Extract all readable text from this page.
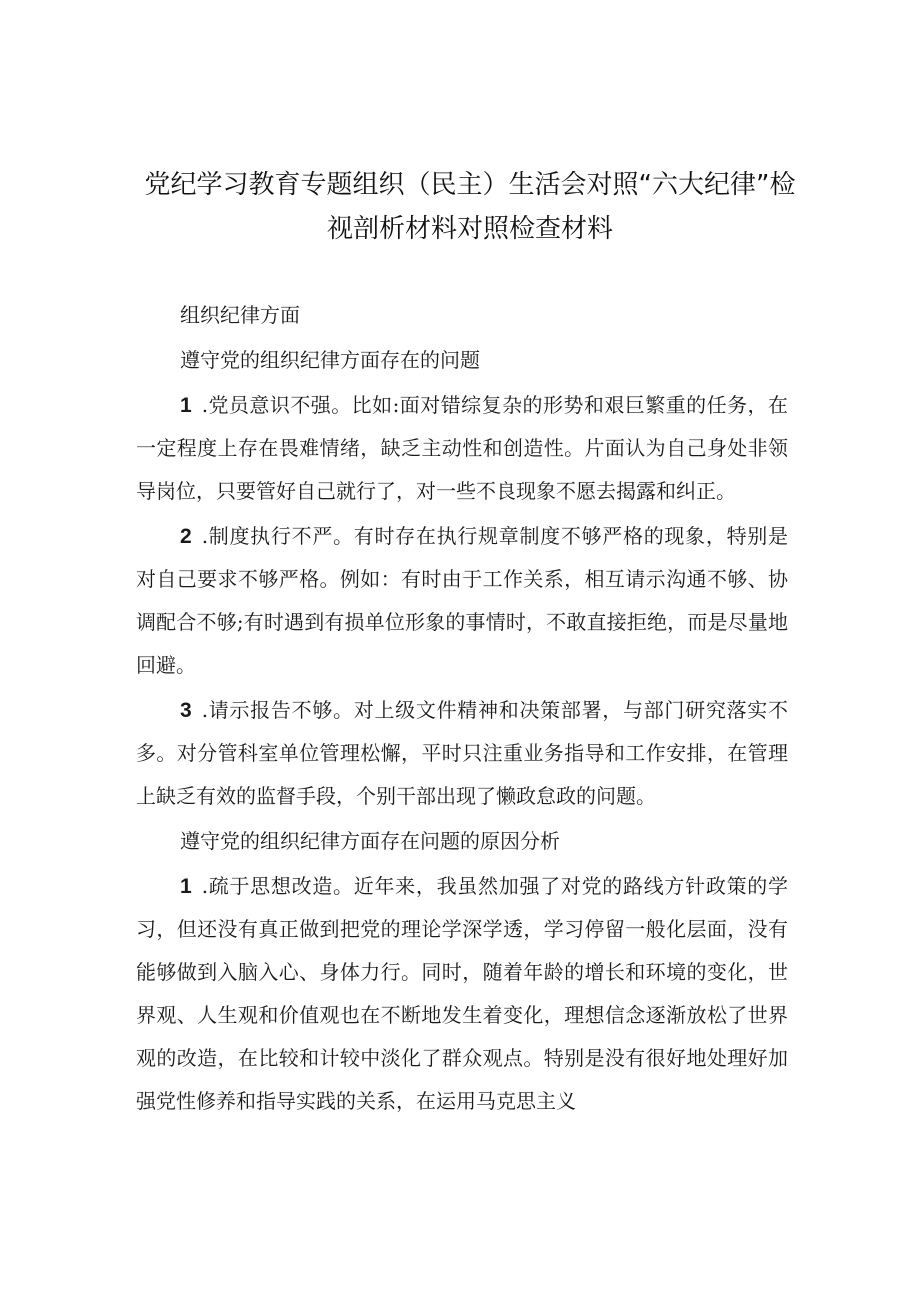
党纪学习教育专题组织（民主）生活会对照“六大纪律”检
视剖析材料对照检查材料

组织纪律方面

遵守党的组织纪律方面存在的问题

1 .党员意识不强。比如:面对错综复杂的形势和艰巨繁重的任务，在一定程度上存在畏难情绪，缺乏主动性和创造性。片面认为自己身处非领导岗位，只要管好自己就行了，对一些不良现象不愿去揭露和纠正。

2 .制度执行不严。有时存在执行规章制度不够严格的现象，特别是对自己要求不够严格。例如：有时由于工作关系，相互请示沟通不够、协调配合不够;有时遇到有损单位形象的事情时，不敢直接拒绝，而是尽量地回避。

3 .请示报告不够。对上级文件精神和决策部署，与部门研究落实不多。对分管科室单位管理松懈，平时只注重业务指导和工作安排，在管理上缺乏有效的监督手段，个别干部出现了懒政怠政的问题。

遵守党的组织纪律方面存在问题的原因分析

1 .疏于思想改造。近年来，我虽然加强了对党的路线方针政策的学习，但还没有真正做到把党的理论学深学透，学习停留一般化层面，没有能够做到入脑入心、身体力行。同时，随着年龄的增长和环境的变化，世界观、人生观和价值观也在不断地发生着变化，理想信念逐渐放松了世界观的改造，在比较和计较中淡化了群众观点。特别是没有很好地处理好加强党性修养和指导实践的关系，在运用马克思主义
